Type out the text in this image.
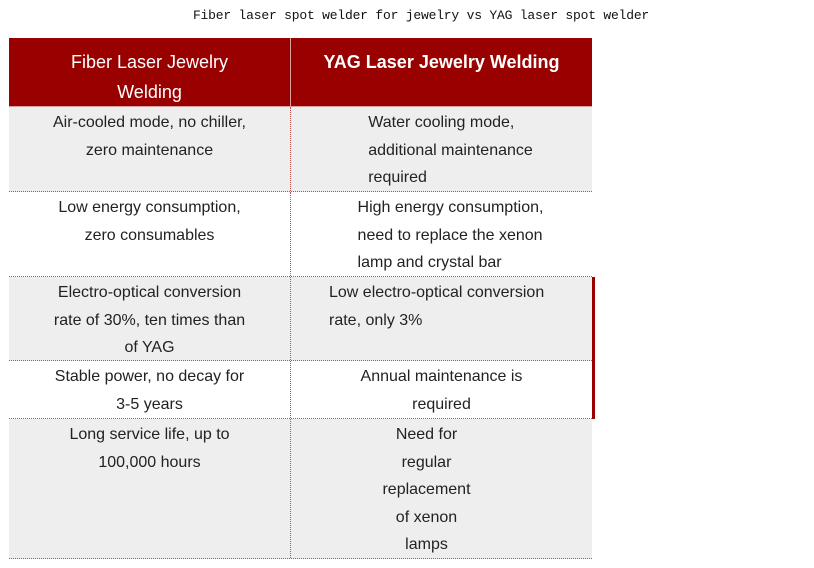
Fiber laser spot welder for jewelry vs YAG laser spot welder
Fiber Laser Jewelry
Welding
YAG Laser Jewelry Welding
Air-cooled mode, no chiller,
zero maintenance
Water cooling mode,
additional maintenance
required
Low energy consumption,
zero consumables
High energy consumption,
need to replace the xenon
lamp and crystal bar
Electro-optical conversion
rate of 30%, ten times than
of YAG
Low electro-optical conversion
rate, only 3%
Stable power, no decay for
3-5 years
Annual maintenance is
required
Long service life, up to
100,000 hours
Need for
regular
replacement
of xenon
lamps
